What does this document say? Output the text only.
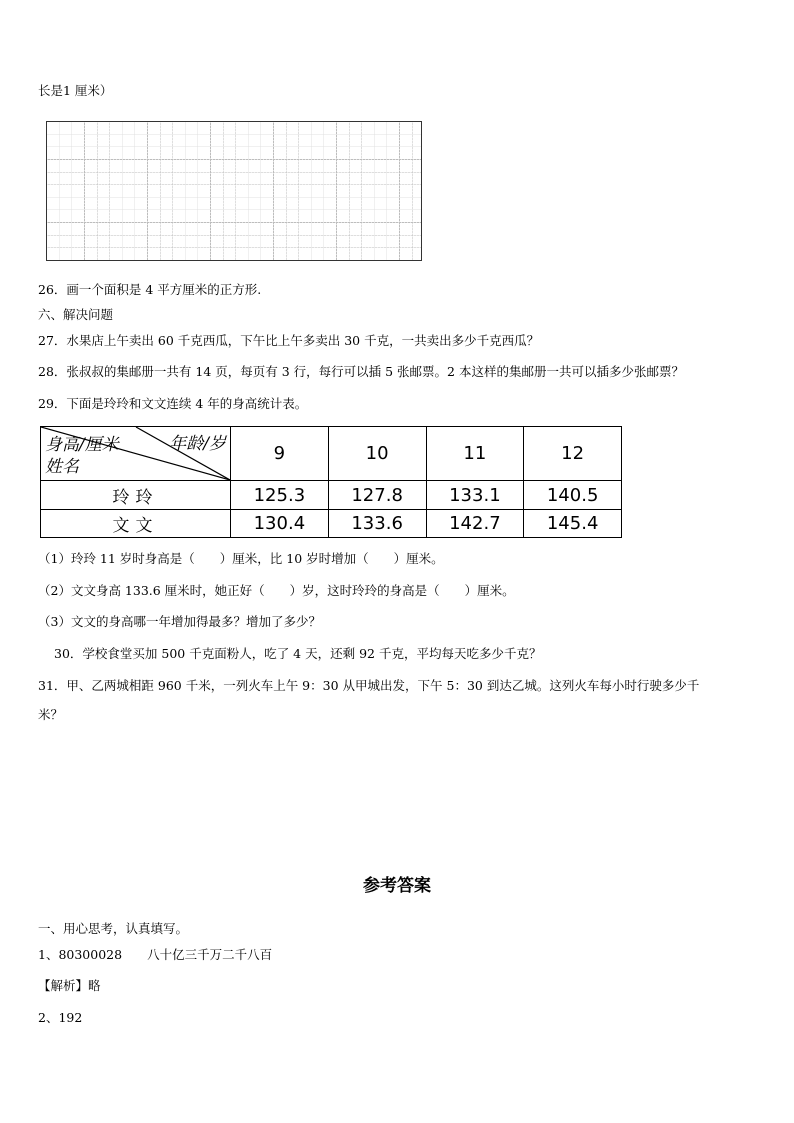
长是1 厘米）
26．画一个面积是 4 平方厘米的正方形.
六、解决问题
27．水果店上午卖出 60 千克西瓜，下午比上午多卖出 30 千克，一共卖出多少千克西瓜？
28．张叔叔的集邮册一共有 14 页，每页有 3 行，每行可以插 5 张邮票。2 本这样的集邮册一共可以插多少张邮票？
29．下面是玲玲和文文连续 4 年的身高统计表。
身高/厘米 年龄/岁
姓名	9	10	11	12
玲玲	125.3	127.8	133.1	140.5
文文	130.4	133.6	142.7	145.4
（1）玲玲 11 岁时身高是（　　）厘米，比 10 岁时增加（　　）厘米。
（2）文文身高 133.6 厘米时，她正好（　　）岁，这时玲玲的身高是（　　）厘米。
（3）文文的身高哪一年增加得最多？增加了多少？
30．学校食堂买加 500 千克面粉人，吃了 4 天，还剩 92 千克，平均每天吃多少千克？
31．甲、乙两城相距 960 千米，一列火车上午 9：30 从甲城出发，下午 5：30 到达乙城。这列火车每小时行驶多少千
米？
参考答案
一、用心思考，认真填写。
1、80300028　　八十亿三千万二千八百
【解析】略
2、192
